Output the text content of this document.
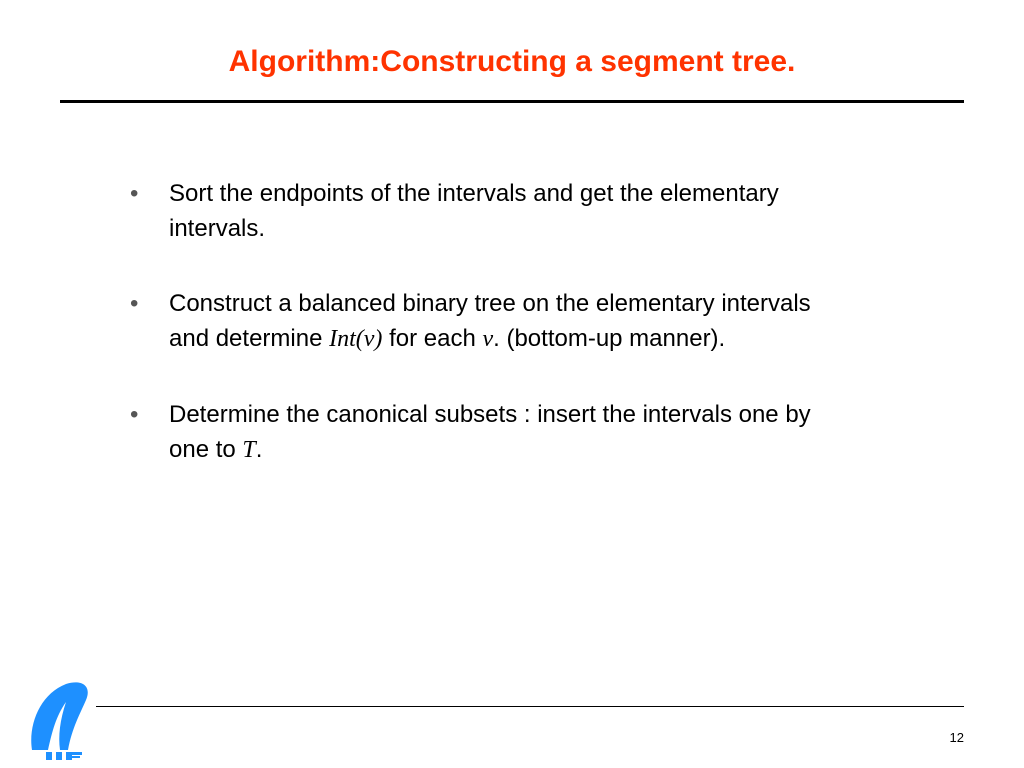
Algorithm:Constructing a segment tree.
• Sort the endpoints of the intervals and get the elementary intervals.
• Construct a balanced binary tree on the elementary intervals and determine Int(v) for each v. (bottom-up manner).
• Determine the canonical subsets : insert the intervals one by one to T.
12
